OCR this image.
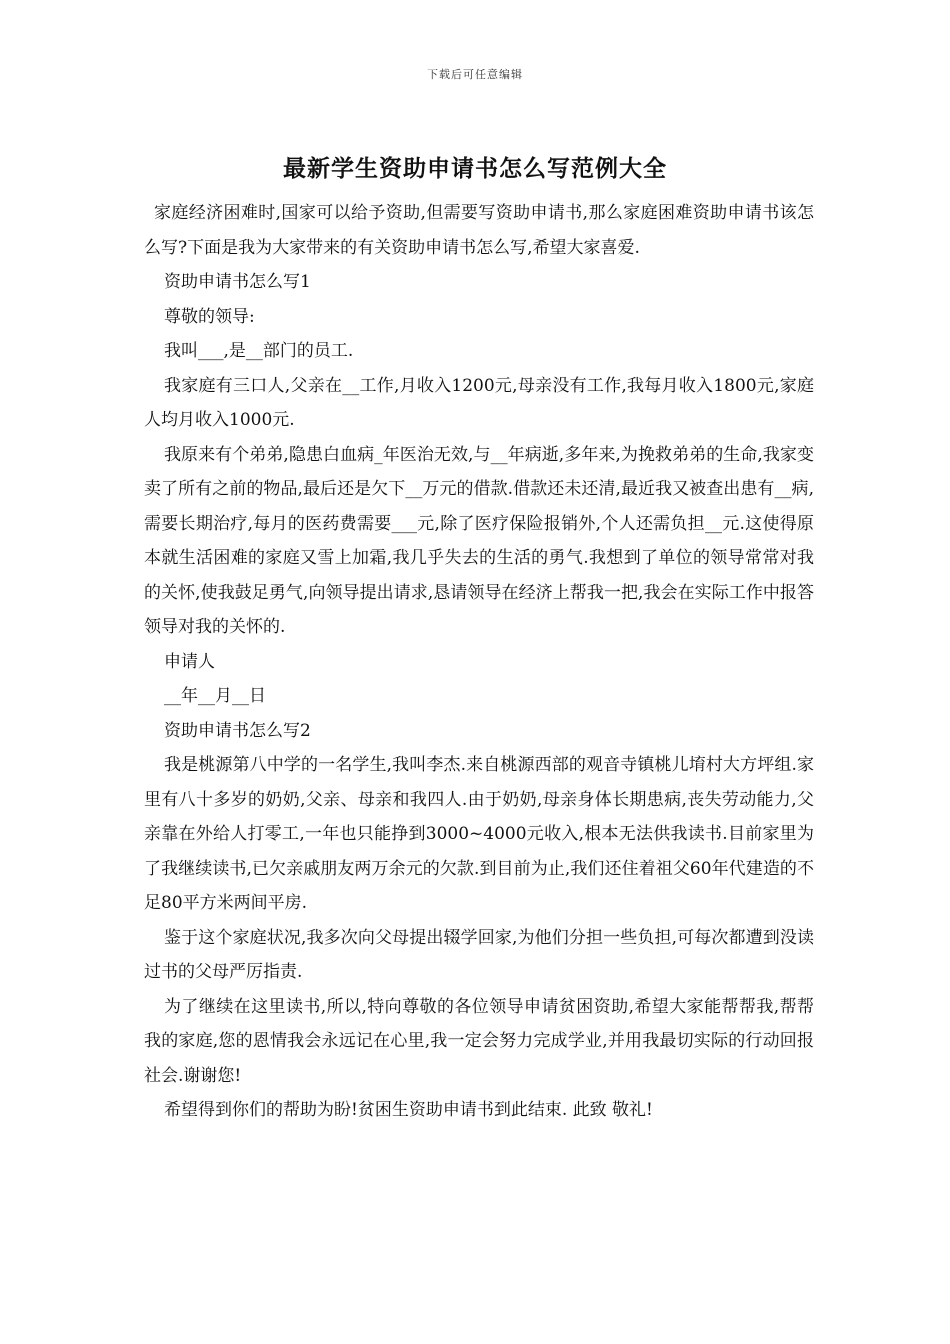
下载后可任意编辑
最新学生资助申请书怎么写范例大全

家庭经济困难时,国家可以给予资助,但需要写资助申请书,那么家庭困难资助申请书该怎么写?下面是我为大家带来的有关资助申请书怎么写,希望大家喜爱.

资助申请书怎么写1

尊敬的领导:

我叫___,是__部门的员工.

我家庭有三口人,父亲在__工作,月收入1200元,母亲没有工作,我每月收入1800元,家庭人均月收入1000元.

我原来有个弟弟,隐患白血病_年医治无效,与__年病逝,多年来,为挽救弟弟的生命,我家变卖了所有之前的物品,最后还是欠下__万元的借款.借款还未还清,最近我又被查出患有__病,需要长期治疗,每月的医药费需要___元,除了医疗保险报销外,个人还需负担__元.这使得原本就生活困难的家庭又雪上加霜,我几乎失去的生活的勇气.我想到了单位的领导常常对我的关怀,使我鼓足勇气,向领导提出请求,恳请领导在经济上帮我一把,我会在实际工作中报答领导对我的关怀的.

申请人

__年__月__日

资助申请书怎么写2

我是桃源第八中学的一名学生,我叫李杰.来自桃源西部的观音寺镇桃儿堉村大方坪组.家里有八十多岁的奶奶,父亲、母亲和我四人.由于奶奶,母亲身体长期患病,丧失劳动能力,父亲靠在外给人打零工,一年也只能挣到3000~4000元收入,根本无法供我读书.目前家里为了我继续读书,已欠亲戚朋友两万余元的欠款.到目前为止,我们还住着祖父60年代建造的不足80平方米两间平房.

鉴于这个家庭状况,我多次向父母提出辍学回家,为他们分担一些负担,可每次都遭到没读过书的父母严厉指责.

为了继续在这里读书,所以,特向尊敬的各位领导申请贫困资助,希望大家能帮帮我,帮帮我的家庭,您的恩情我会永远记在心里,我一定会努力完成学业,并用我最切实际的行动回报社会.谢谢您!

希望得到你们的帮助为盼!贫困生资助申请书到此结束. 此致 敬礼!
